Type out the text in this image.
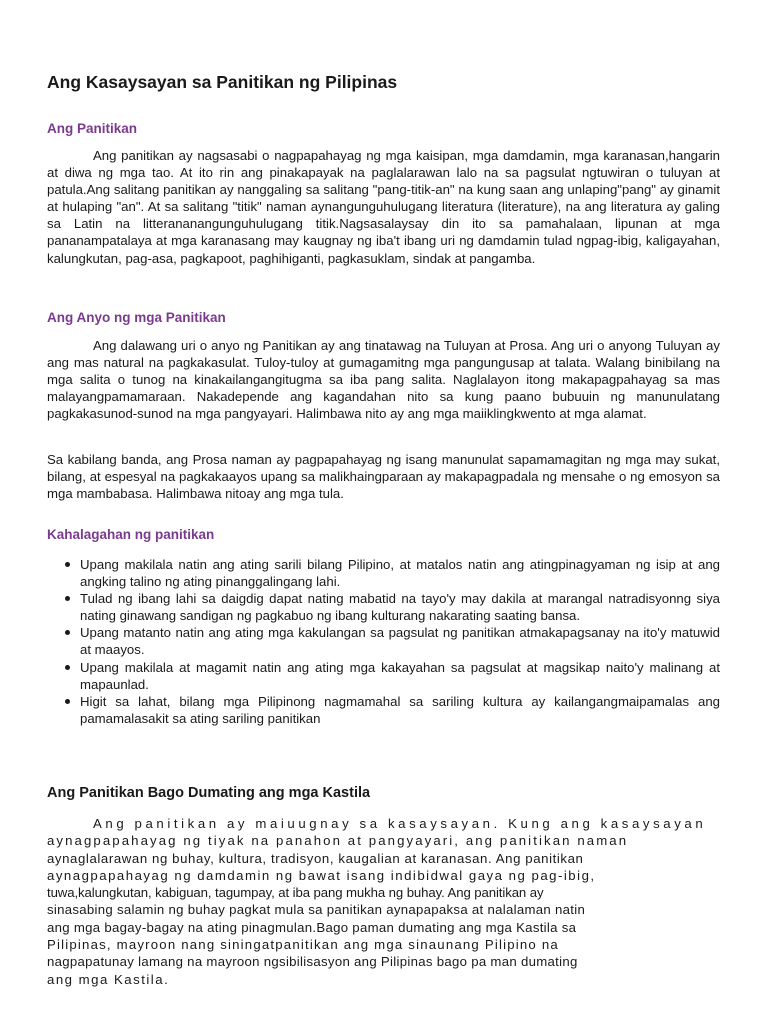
Ang Kasaysayan sa Panitikan ng Pilipinas
Ang Panitikan

Ang panitikan ay nagsasabi o nagpapahayag ng mga kaisipan, mga damdamin, mga karanasan,hangarin at diwa ng mga tao. At ito rin ang pinakapayak na paglalarawan lalo na sa pagsulat ngtuwiran o tuluyan at patula.Ang salitang panitikan ay nanggaling sa salitang "pang-titik-an" na kung saan ang unlaping"pang" ay ginamit at hulaping "an". At sa salitang "titik" naman aynangunguhulugang literatura (literature), na ang literatura ay galing sa Latin na litterananangunguhulugang titik.Nagsasalaysay din ito sa pamahalaan, lipunan at mga pananampatalaya at mga karanasang may kaugnay ng iba't ibang uri ng damdamin tulad ngpag-ibig, kaligayahan, kalungkutan, pag-asa, pagkapoot, paghihiganti, pagkasuklam, sindak at pangamba.

Ang Anyo ng mga Panitikan

Ang dalawang uri o anyo ng Panitikan ay ang tinatawag na Tuluyan at Prosa. Ang uri o anyong Tuluyan ay ang mas natural na pagkakasulat. Tuloy-tuloy at gumagamitng mga pangungusap at talata. Walang binibilang na mga salita o tunog na kinakailangangitugma sa iba pang salita. Naglalayon itong makapagpahayag sa mas malayangpamamaraan. Nakadepende ang kagandahan nito sa kung paano bubuuin ng manunulatang pagkakasunod-sunod na mga pangyayari. Halimbawa nito ay ang mga maiiklingkwento at mga alamat.

Sa kabilang banda, ang Prosa naman ay pagpapahayag ng isang manunulat sapamamagitan ng mga may sukat, bilang, at espesyal na pagkakaayos upang sa malikhaingparaan ay makapagpadala ng mensahe o ng emosyon sa mga mambabasa. Halimbawa nitoay ang mga tula.

Kahalagahan ng panitikan
Upang makilala natin ang ating sarili bilang Pilipino, at matalos natin ang atingpinagyaman ng isip at ang angking talino ng ating pinanggalingang lahi.
Tulad ng ibang lahi sa daigdig dapat nating mabatid na tayo'y may dakila at marangal natradisyonng siya nating ginawang sandigan ng pagkabuo ng ibang kulturang nakarating saating bansa.
Upang matanto natin ang ating mga kakulangan sa pagsulat ng panitikan atmakapagsanay na ito'y matuwid at maayos.
Upang makilala at magamit natin ang ating mga kakayahan sa pagsulat at magsikap naito'y malinang at mapaunlad.
Higit sa lahat, bilang mga Pilipinong nagmamahal sa sariling kultura ay kailangangmaipamalas ang pamamalasakit sa ating sariling panitikan
Ang Panitikan Bago Dumating ang mga Kastila
Ang panitikan ay maiuugnay sa kasaysayan. Kung ang kasaysayan
aynagpapahayag ng tiyak na panahon at pangyayari, ang panitikan naman
aynaglalarawan ng buhay, kultura, tradisyon, kaugalian at karanasan. Ang panitikan
aynagpapahayag ng damdamin ng bawat isang indibidwal gaya ng pag-ibig,
tuwa,kalungkutan, kabiguan, tagumpay, at iba pang mukha ng buhay. Ang panitikan ay
sinasabing salamin ng buhay pagkat mula sa panitikan aynapapaksa at nalalaman natin
ang mga bagay-bagay na ating pinagmulan.Bago paman dumating ang mga Kastila sa
Pilipinas, mayroon nang siningatpanitikan ang mga sinaunang Pilipino na
nagpapatunay lamang na mayroon ngsibilisasyon ang Pilipinas bago pa man dumating
ang mga Kastila.
